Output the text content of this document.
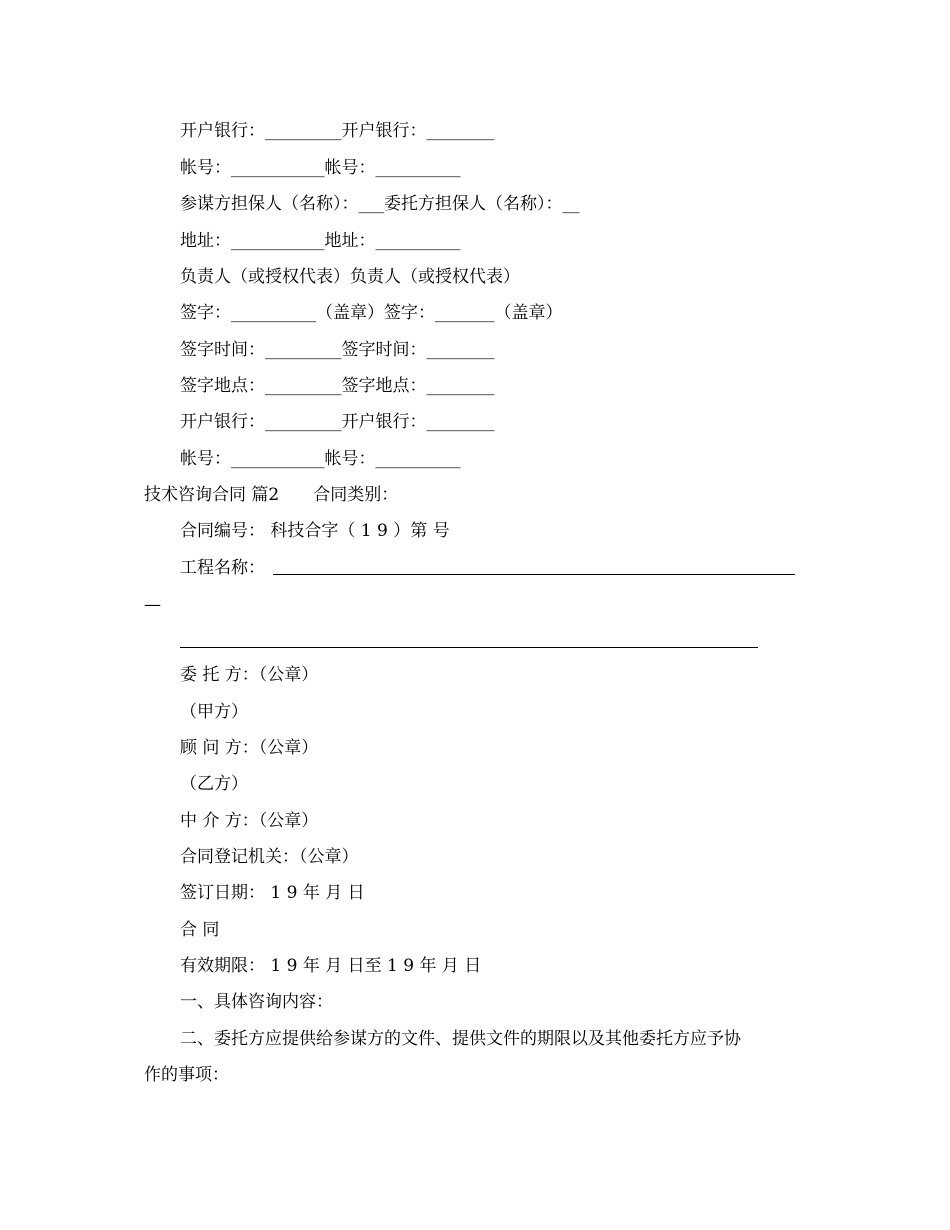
开户银行：_________开户银行：________
帐号：___________帐号：__________
参谋方担保人（名称）：___委托方担保人（名称）：__
地址：___________地址：__________
负责人（或授权代表）负责人（或授权代表）
签字：__________（盖章）签字：_______（盖章）
签字时间：_________签字时间：________
签字地点：_________签字地点：________
开户银行：_________开户银行：________
帐号：___________帐号：__________
技术咨询合同 篇2　　合同类别：
合同编号： 科技合字（ 1 9 ）第 号
工程名称：
—
委 托 方：（公章）
（甲方）
顾 问 方：（公章）
（乙方）
中 介 方：（公章）
合同登记机关：（公章）
签订日期： 1 9 年 月 日
合 同
有效期限： 1 9 年 月 日至 1 9 年 月 日
一、具体咨询内容：
二、委托方应提供给参谋方的文件、提供文件的期限以及其他委托方应予协
作的事项：
